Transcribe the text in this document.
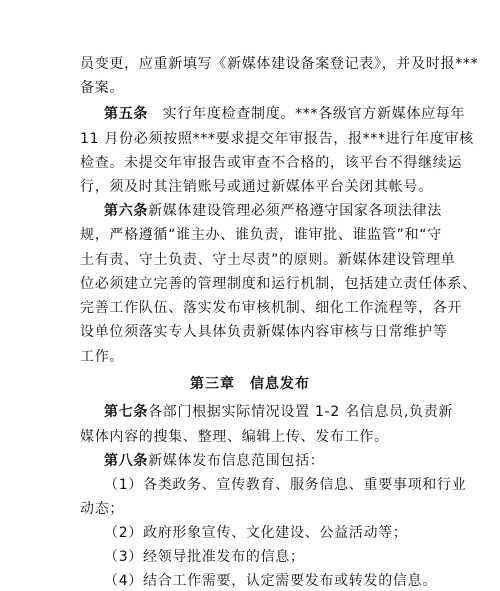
员变更，应重新填写《新媒体建设备案登记表》，并及时报***
备案。
第五条　实行年度检查制度。***各级官方新媒体应每年
11 月份必须按照***要求提交年审报告，报***进行年度审核
检查。未提交年审报告或审查不合格的，该平台不得继续运
行，须及时其注销账号或通过新媒体平台关闭其帐号。
第六条新媒体建设管理必须严格遵守国家各项法律法
规，严格遵循“谁主办、谁负责，谁审批、谁监管”和“守
土有责、守土负责、守土尽责”的原则。新媒体建设管理单
位必须建立完善的管理制度和运行机制，包括建立责任体系、
完善工作队伍、落实发布审核机制、细化工作流程等，各开
设单位须落实专人具体负责新媒体内容审核与日常维护等
工作。
第三章　信息发布
第七条各部门根据实际情况设置 1-2 名信息员,负责新
媒体内容的搜集、整理、编辑上传、发布工作。
第八条新媒体发布信息范围包括：
（1）各类政务、宣传教育、服务信息、重要事项和行业
动态；
（2）政府形象宣传、文化建设、公益活动等；
（3）经领导批准发布的信息；
（4）结合工作需要，认定需要发布或转发的信息。
